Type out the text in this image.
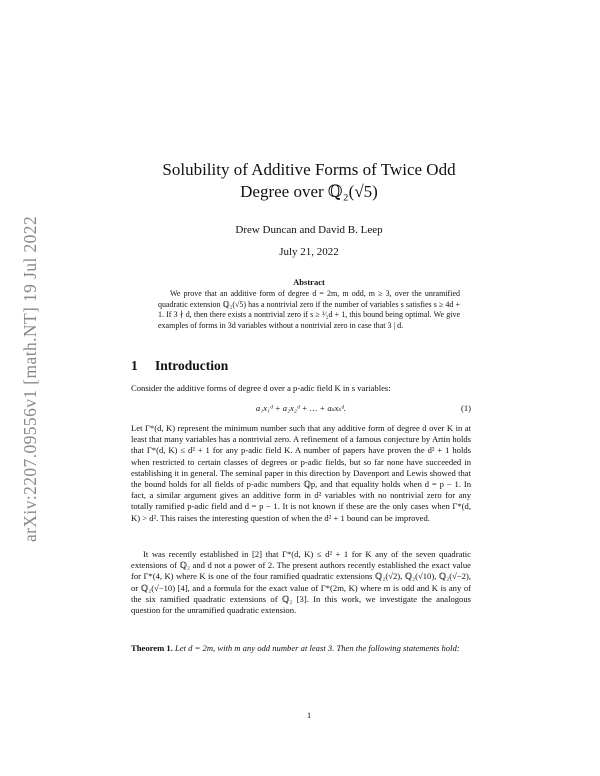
arXiv:2207.09556v1 [math.NT] 19 Jul 2022
Solubility of Additive Forms of Twice Odd
Degree over ℚ₂(√5)
Drew Duncan and David B. Leep
July 21, 2022
Abstract
We prove that an additive form of degree d = 2m, m odd, m ≥ 3, over the unramified quadratic extension ℚ₂(√5) has a nontrivial zero if the number of variables s satisfies s ≥ 4d + 1. If 3 ∤ d, then there exists a nontrivial zero if s ≥ ³⁄₂d + 1, this bound being optimal. We give examples of forms in 3d variables without a nontrivial zero in case that 3 | d.
1 Introduction

Consider the additive forms of degree d over a p-adic field K in s variables:

a₁x₁ᵈ + a₂x₂ᵈ + … + aₛxₛᵈ.	(1)

Let Γ*(d, K) represent the minimum number such that any additive form of degree d over K in at least that many variables has a nontrivial zero. A refinement of a famous conjecture by Artin holds that Γ*(d, K) ≤ d² + 1 for any p-adic field K. A number of papers have proven the d² + 1 holds when restricted to certain classes of degrees or p-adic fields, but so far none have succeeded in establishing it in general. The seminal paper in this direction by Davenport and Lewis showed that the bound holds for all fields of p-adic numbers ℚp, and that equality holds when d = p − 1. In fact, a similar argument gives an additive form in d² variables with no nontrivial zero for any totally ramified p-adic field and d = p − 1. It is not known if these are the only cases when Γ*(d, K) > d². This raises the interesting question of when the d² + 1 bound can be improved.

It was recently established in [2] that Γ*(d, K) ≤ d² + 1 for K any of the seven quadratic extensions of ℚ₂ and d not a power of 2. The present authors recently established the exact value for Γ*(4, K) where K is one of the four ramified quadratic extensions ℚ₂(√2), ℚ₂(√10), ℚ₂(√−2), or ℚ₂(√−10) [4], and a formula for the exact value of Γ*(2m, K) where m is odd and K is any of the six ramified quadratic extensions of ℚ₂ [3]. In this work, we investigate the analogous question for the unramified quadratic extension.

Theorem 1. Let d = 2m, with m any odd number at least 3. Then the following statements hold:
1
